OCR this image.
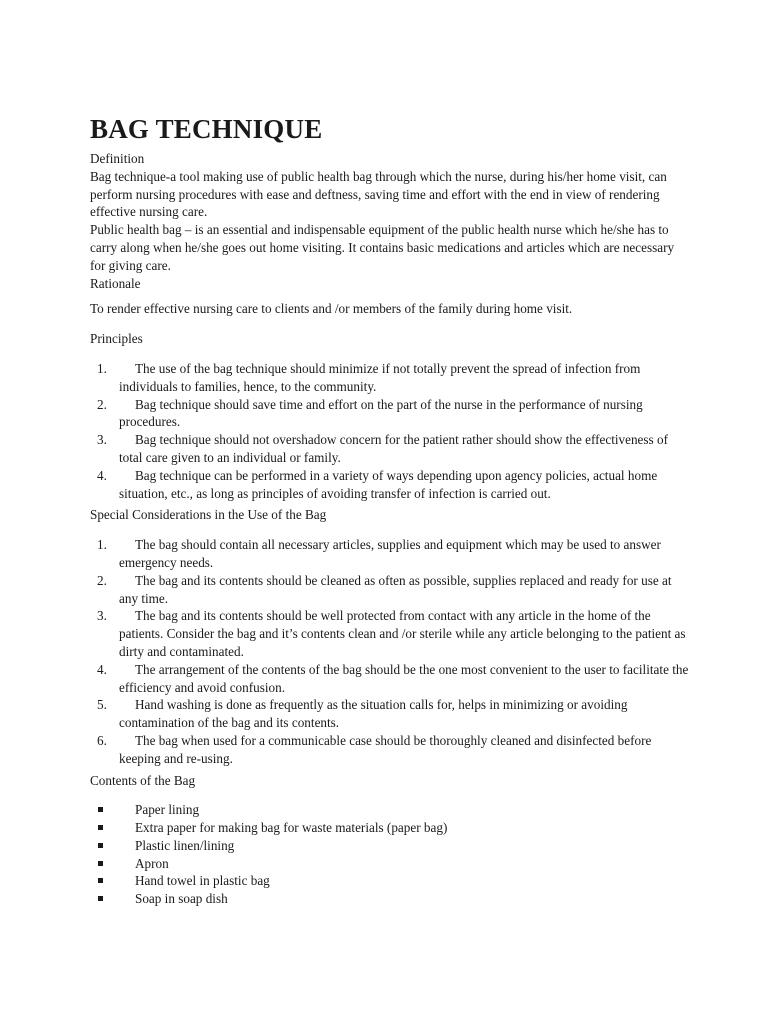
BAG TECHNIQUE

Definition

Bag technique-a tool making use of public health bag through which the nurse, during his/her home visit, can perform nursing procedures with ease and deftness, saving time and effort with the end in view of rendering effective nursing care.

Public health bag – is an essential and indispensable equipment of the public health nurse which he/she has to carry along when he/she goes out home visiting. It contains basic medications and articles which are necessary for giving care.

Rationale

To render effective nursing care to clients and /or members of the family during home visit.

Principles

1. The use of the bag technique should minimize if not totally prevent the spread of infection from individuals to families, hence, to the community.
2. Bag technique should save time and effort on the part of the nurse in the performance of nursing procedures.
3. Bag technique should not overshadow concern for the patient rather should show the effectiveness of total care given to an individual or family.
4. Bag technique can be performed in a variety of ways depending upon agency policies, actual home situation, etc., as long as principles of avoiding transfer of infection is carried out.

Special Considerations in the Use of the Bag

1. The bag should contain all necessary articles, supplies and equipment which may be used to answer emergency needs.
2. The bag and its contents should be cleaned as often as possible, supplies replaced and ready for use at any time.
3. The bag and its contents should be well protected from contact with any article in the home of the patients. Consider the bag and it’s contents clean and /or sterile while any article belonging to the patient as dirty and contaminated.
4. The arrangement of the contents of the bag should be the one most convenient to the user to facilitate the efficiency and avoid confusion.
5. Hand washing is done as frequently as the situation calls for, helps in minimizing or avoiding contamination of the bag and its contents.
6. The bag when used for a communicable case should be thoroughly cleaned and disinfected before keeping and re-using.

Contents of the Bag

Paper lining
Extra paper for making bag for waste materials (paper bag)
Plastic linen/lining
Apron
Hand towel in plastic bag
Soap in soap dish
